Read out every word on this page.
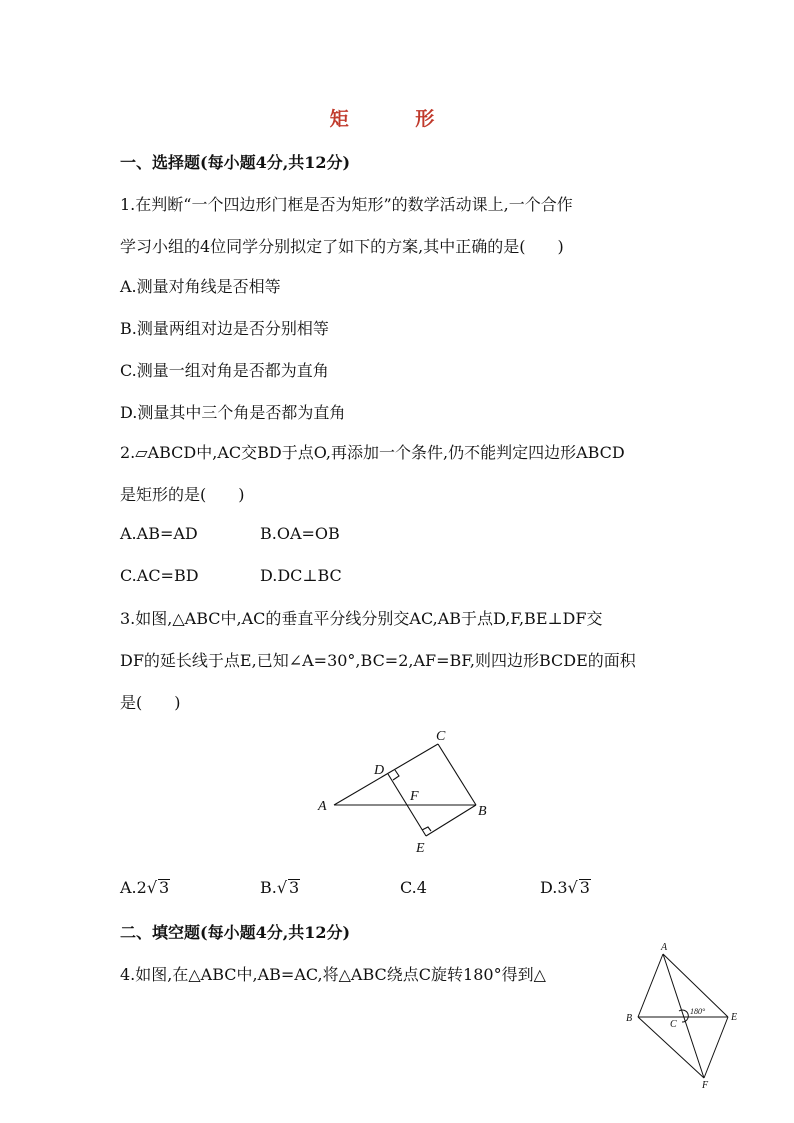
矩 形
一、选择题(每小题4分,共12分)
1.在判断“一个四边形门框是否为矩形”的数学活动课上,一个合作
学习小组的4位同学分别拟定了如下的方案,其中正确的是(　　)
A.测量对角线是否相等
B.测量两组对边是否分别相等
C.测量一组对角是否都为直角
D.测量其中三个角是否都为直角
2.▱ABCD中,AC交BD于点O,再添加一个条件,仍不能判定四边形ABCD
是矩形的是(　　)
A.AB=AD	B.OA=OB
C.AC=BD	D.DC⊥BC
3.如图,△ABC中,AC的垂直平分线分别交AC,AB于点D,F,BE⊥DF交
DF的延长线于点E,已知∠A=30°,BC=2,AF=BF,则四边形BCDE的面积
是(　　)
A	B
C
D
E
F
A.2√ 3	B.√ 3	C.4	D.3√ 3
二、填空题(每小题4分,共12分)
4.如图,在△ABC中,AB=AC,将△ABC绕点C旋转180°得到△
A
B
C
E
F
180°
